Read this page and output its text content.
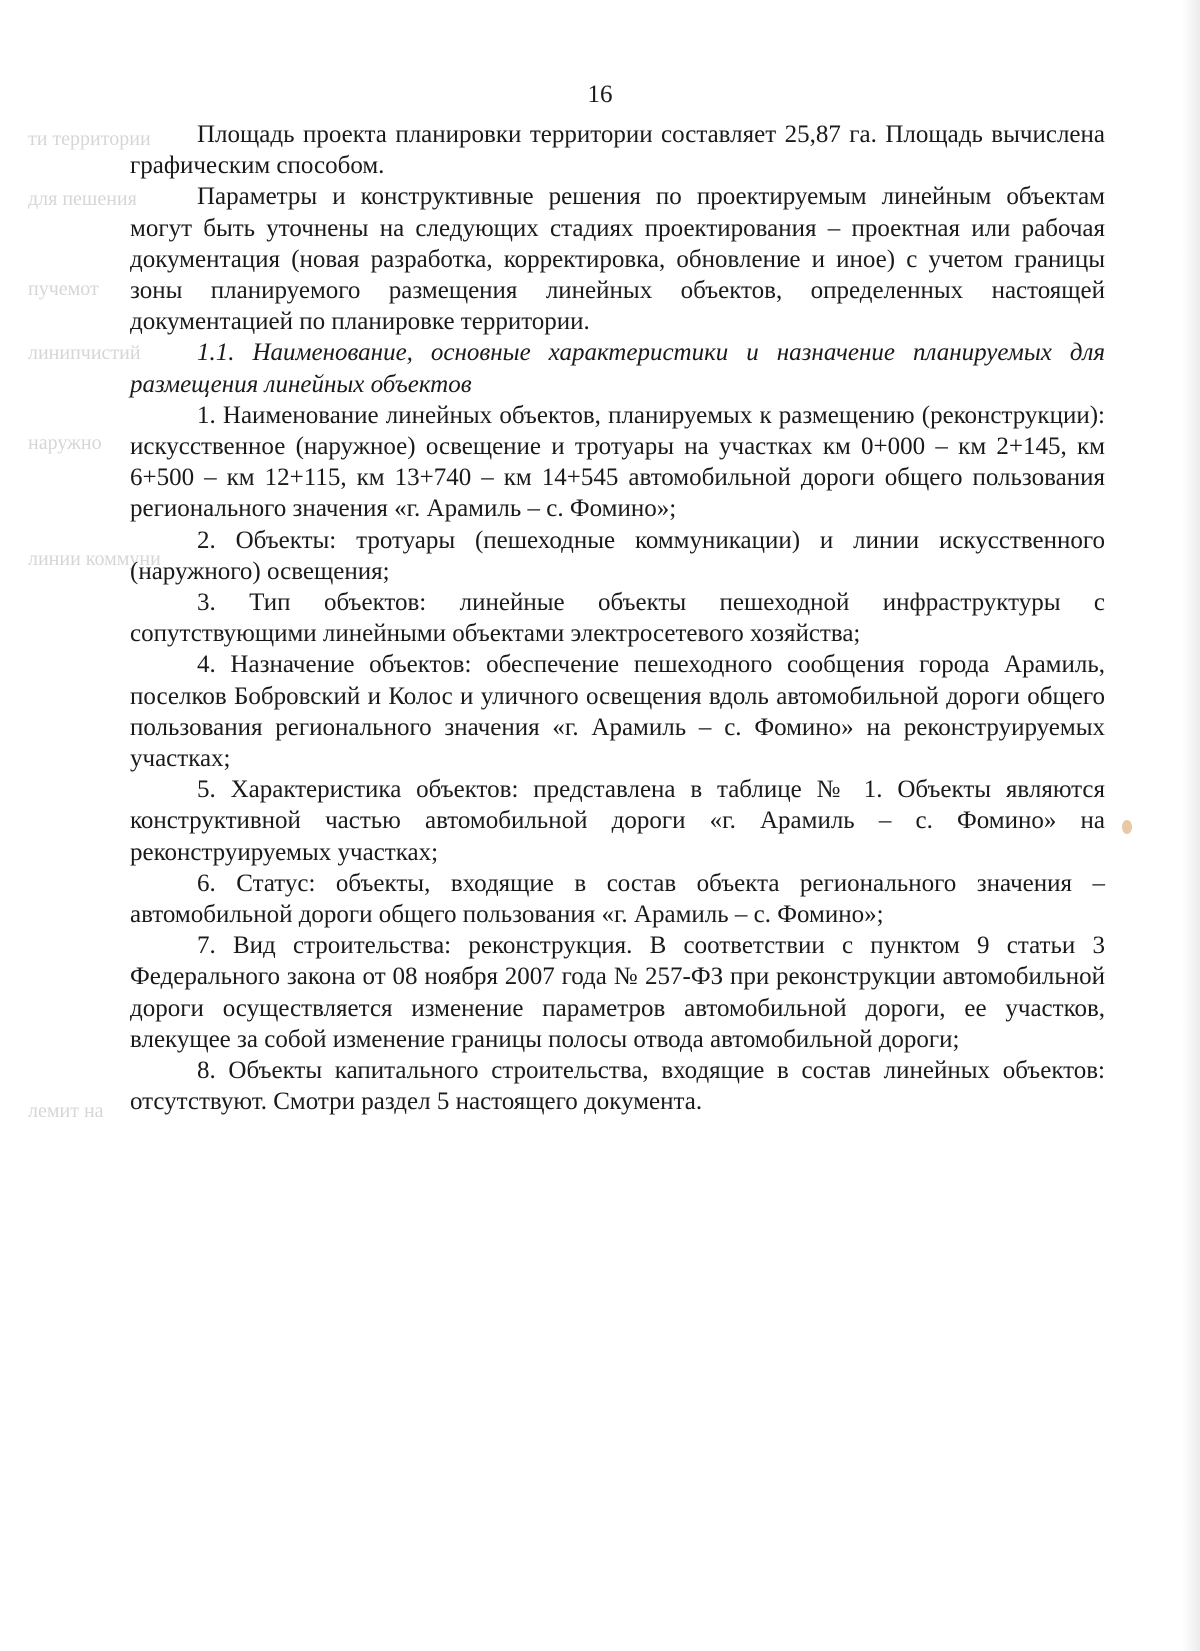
ти территории
для пешения
пучемот
линипчистий
наружно
линии коммуни
лемит на
16

Площадь проекта планировки территории составляет 25,87 га. Площадь вычислена графическим способом.

Параметры и конструктивные решения по проектируемым линейным объектам могут быть уточнены на следующих стадиях проектирования – проектная или рабочая документация (новая разработка, корректировка, обновление и иное) с учетом границы зоны планируемого размещения линейных объектов, определенных настоящей документацией по планировке территории.

1.1. Наименование, основные характеристики и назначение планируемых для размещения линейных объектов

1. Наименование линейных объектов, планируемых к размещению (реконструкции): искусственное (наружное) освещение и тротуары на участках км 0+000 – км 2+145, км 6+500 – км 12+115, км 13+740 – км 14+545 автомобильной дороги общего пользования регионального значения «г. Арамиль – с. Фомино»;

2. Объекты: тротуары (пешеходные коммуникации) и линии искусственного (наружного) освещения;

3. Тип объектов: линейные объекты пешеходной инфраструктуры с сопутствующими линейными объектами электросетевого хозяйства;

4. Назначение объектов: обеспечение пешеходного сообщения города Арамиль, поселков Бобровский и Колос и уличного освещения вдоль автомобильной дороги общего пользования регионального значения «г. Арамиль – с. Фомино» на реконструируемых участках;

5. Характеристика объектов: представлена в таблице № 1. Объекты являются конструктивной частью автомобильной дороги «г. Арамиль – с. Фомино» на реконструируемых участках;

6. Статус: объекты, входящие в состав объекта регионального значения – автомобильной дороги общего пользования «г. Арамиль – с. Фомино»;

7. Вид строительства: реконструкция. В соответствии с пунктом 9 статьи 3 Федерального закона от 08 ноября 2007 года № 257-ФЗ при реконструкции автомобильной дороги осуществляется изменение параметров автомобильной дороги, ее участков, влекущее за собой изменение границы полосы отвода автомобильной дороги;

8. Объекты капитального строительства, входящие в состав линейных объектов: отсутствуют. Смотри раздел 5 настоящего документа.
